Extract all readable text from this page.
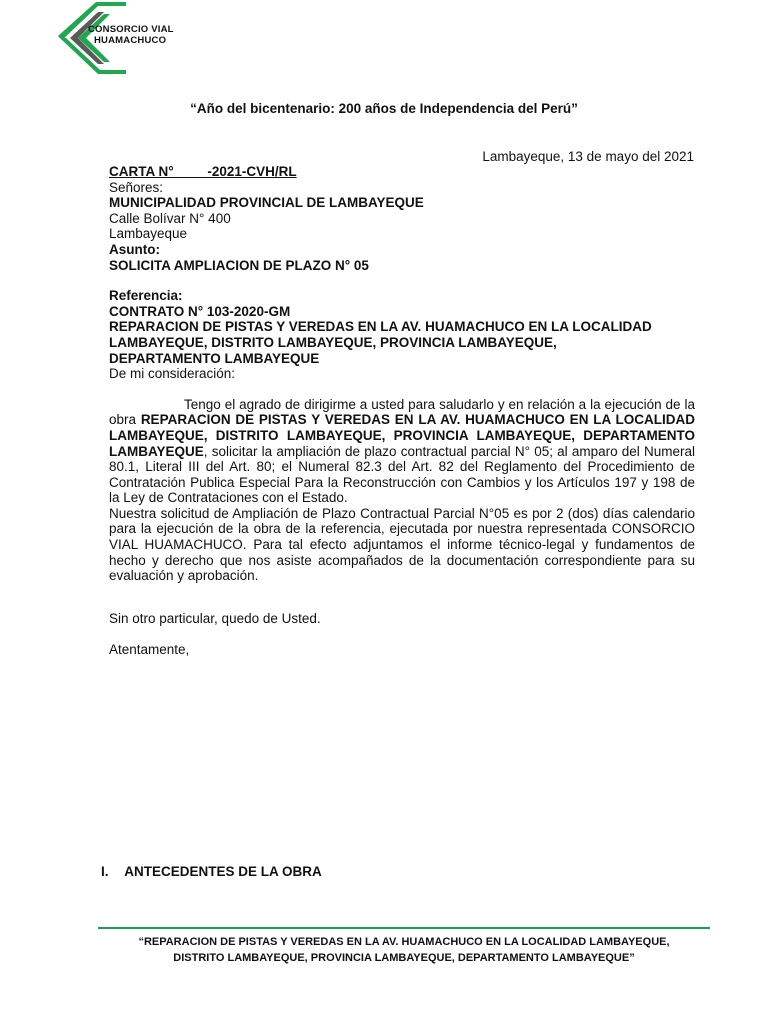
CONSORCIO VIAL
HUAMACHUCO
“Año del bicentenario: 200 años de Independencia del Perú”
Lambayeque, 13 de mayo del 2021
CARTA N°         -2021-CVH/RL
Señores:
MUNICIPALIDAD PROVINCIAL DE LAMBAYEQUE
Calle Bolívar N° 400
Lambayeque
Asunto:
SOLICITA AMPLIACION DE PLAZO N° 05
Referencia:
CONTRATO N° 103-2020-GM
REPARACION DE PISTAS Y VEREDAS EN LA AV. HUAMACHUCO EN LA LOCALIDAD
LAMBAYEQUE, DISTRITO LAMBAYEQUE, PROVINCIA LAMBAYEQUE,
DEPARTAMENTO LAMBAYEQUE
De mi consideración:

Tengo el agrado de dirigirme a usted para saludarlo y en relación a la ejecución de la obra REPARACION DE PISTAS Y VEREDAS EN LA AV. HUAMACHUCO EN LA LOCALIDAD LAMBAYEQUE, DISTRITO LAMBAYEQUE, PROVINCIA LAMBAYEQUE, DEPARTAMENTO LAMBAYEQUE, solicitar la ampliación de plazo contractual parcial N° 05; al amparo del Numeral 80.1, Literal III del Art. 80; el Numeral 82.3 del Art. 82 del Reglamento del Procedimiento de Contratación Publica Especial Para la Reconstrucción con Cambios y los Artículos 197 y 198 de la Ley de Contrataciones con el Estado.

Nuestra solicitud de Ampliación de Plazo Contractual Parcial N°05 es por 2 (dos) días calendario para la ejecución de la obra de la referencia, ejecutada por nuestra representada CONSORCIO VIAL HUAMACHUCO. Para tal efecto adjuntamos el informe técnico-legal y fundamentos de hecho y derecho que nos asiste acompañados de la documentación correspondiente para su evaluación y aprobación.

Sin otro particular, quedo de Usted.
Atentamente,
I. ANTECEDENTES DE LA OBRA
“REPARACION DE PISTAS Y VEREDAS EN LA AV. HUAMACHUCO EN LA LOCALIDAD LAMBAYEQUE,
DISTRITO LAMBAYEQUE, PROVINCIA LAMBAYEQUE, DEPARTAMENTO LAMBAYEQUE”
